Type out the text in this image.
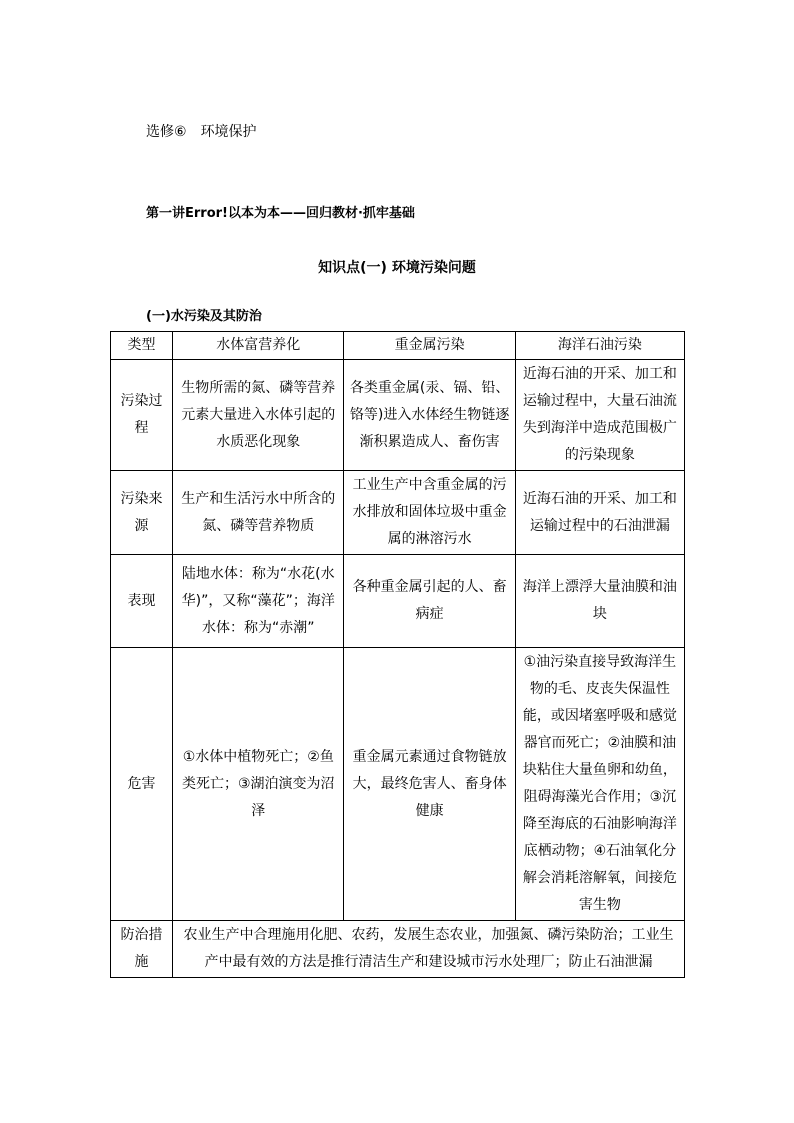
选修⑥ 环境保护
第一讲Error!以本为本——回归教材·抓牢基础
知识点(一) 环境污染问题
(一)水污染及其防治
类型	水体富营养化	重金属污染	海洋石油污染
污染过程	生物所需的氮、磷等营养元素大量进入水体引起的水质恶化现象	各类重金属(汞、镉、铅、铬等)进入水体经生物链逐渐积累造成人、畜伤害	近海石油的开采、加工和运输过程中，大量石油流失到海洋中造成范围极广的污染现象
污染来源	生产和生活污水中所含的氮、磷等营养物质	工业生产中含重金属的污水排放和固体垃圾中重金属的淋溶污水	近海石油的开采、加工和运输过程中的石油泄漏
表现	陆地水体：称为“水花(水华)”，又称“藻花”；海洋水体：称为“赤潮”	各种重金属引起的人、畜病症	海洋上漂浮大量油膜和油块
危害	①水体中植物死亡；②鱼类死亡；③湖泊演变为沼泽	重金属元素通过食物链放大，最终危害人、畜身体健康	①油污染直接导致海洋生物的毛、皮丧失保温性能，或因堵塞呼吸和感觉器官而死亡；②油膜和油块粘住大量鱼卵和幼鱼，阻碍海藻光合作用；③沉降至海底的石油影响海洋底栖动物；④石油氧化分解会消耗溶解氧，间接危害生物
防治措施	农业生产中合理施用化肥、农药，发展生态农业，加强氮、磷污染防治；工业生产中最有效的方法是推行清洁生产和建设城市污水处理厂；防止石油泄漏		
